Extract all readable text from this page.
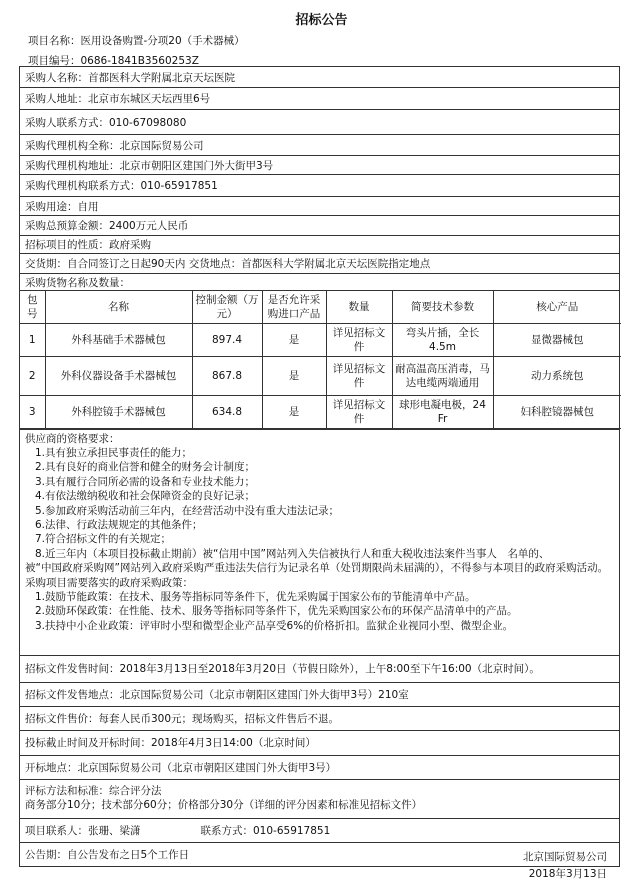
招标公告
项目名称：医用设备购置-分项20（手术器械）
项目编号：0686-1841B3560253Z
采购人名称：首都医科大学附属北京天坛医院
采购人地址：北京市东城区天坛西里6号
采购人联系方式：010-67098080
采购代理机构全称：北京国际贸易公司
采购代理机构地址：北京市朝阳区建国门外大街甲3号
采购代理机构联系方式：010-65917851
采购用途：自用
采购总预算金额：2400万元人民币
招标项目的性质：政府采购
交货期：自合同签订之日起90天内 交货地点：首都医科大学附属北京天坛医院指定地点
采购货物名称及数量：
包号	名称	控制金额（万元）	是否允许采购进口产品	数量	简要技术参数	核心产品
1	外科基础手术器械包	897.4	是	详见招标文件	弯头片插，全长4.5m	显微器械包
2	外科仪器设备手术器械包	867.8	是	详见招标文件	耐高温高压消毒，马达电缆两端通用	动力系统包
3	外科腔镜手术器械包	634.8	是	详见招标文件	球形电凝电极，24 Fr	妇科腔镜器械包
供应商的资格要求：
1.具有独立承担民事责任的能力；
2.具有良好的商业信誉和健全的财务会计制度；
3.具有履行合同所必需的设备和专业技术能力；
4.有依法缴纳税收和社会保障资金的良好记录；
5.参加政府采购活动前三年内，在经营活动中没有重大违法记录；
6.法律、行政法规规定的其他条件；
7.符合招标文件的有关规定；
8.近三年内（本项目投标截止期前）被“信用中国”网站列入失信被执行人和重大税收违法案件当事人　名单的、
被“中国政府采购网”网站列入政府采购严重违法失信行为记录名单（处罚期限尚未届满的），不得参与本项目的政府采购活动。
采购项目需要落实的政府采购政策：
1.鼓励节能政策：在技术、服务等指标同等条件下，优先采购属于国家公布的节能清单中产品。
2.鼓励环保政策：在性能、技术、服务等指标同等条件下，优先采购国家公布的环保产品清单中的产品。
3.扶持中小企业政策：评审时小型和微型企业产品享受6%的价格折扣。监狱企业视同小型、微型企业。
招标文件发售时间：2018年3月13日至2018年3月20日（节假日除外），上午8:00至下午16:00（北京时间）。
招标文件发售地点：北京国际贸易公司（北京市朝阳区建国门外大街甲3号）210室
招标文件售价：每套人民币300元；现场购买，招标文件售后不退。
投标截止时间及开标时间：2018年4月3日14:00（北京时间）
开标地点：北京国际贸易公司（北京市朝阳区建国门外大街甲3号）
评标方法和标准：综合评分法
商务部分10分；技术部分60分；价格部分30分（详细的评分因素和标准见招标文件）
项目联系人：张珊、梁潇	联系方式：010-65917851
公告期：自公告发布之日5个工作日	北京国际贸易公司
2018年3月13日
